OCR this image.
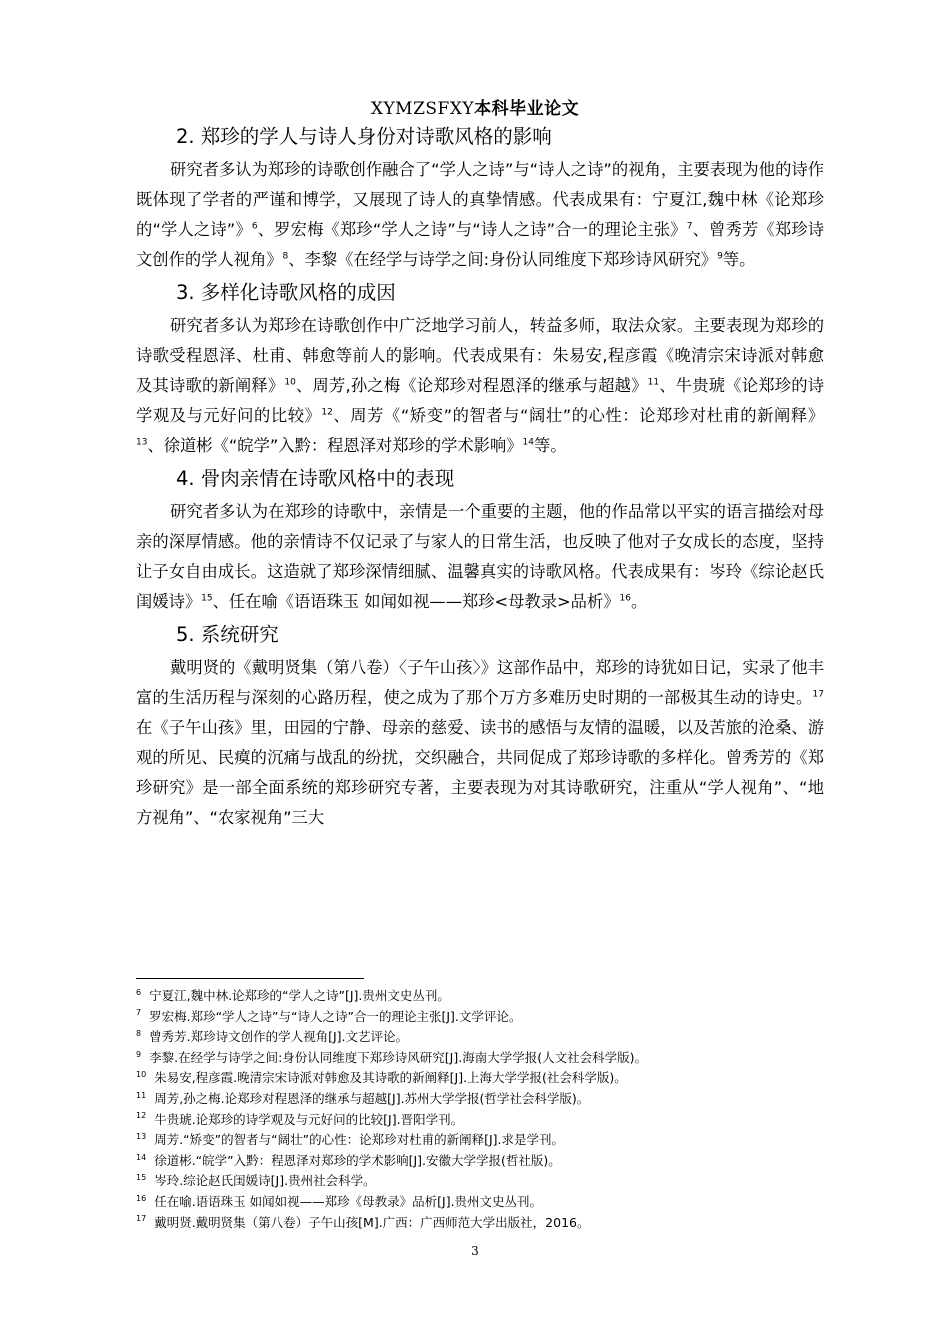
XYMZSFXY本科毕业论文
2. 郑珍的学人与诗人身份对诗歌风格的影响

研究者多认为郑珍的诗歌创作融合了“学人之诗”与“诗人之诗”的视角，主要表现为他的诗作既体现了学者的严谨和博学，又展现了诗人的真挚情感。代表成果有：宁夏江,魏中林《论郑珍的“学人之诗”》$^6$、罗宏梅《郑珍“学人之诗”与“诗人之诗”合一的理论主张》$^7$、曾秀芳《郑珍诗文创作的学人视角》$^8$、李黎《在经学与诗学之间:身份认同维度下郑珍诗风研究》$^9$等。

3. 多样化诗歌风格的成因

研究者多认为郑珍在诗歌创作中广泛地学习前人，转益多师，取法众家。主要表现为郑珍的诗歌受程恩泽、杜甫、韩愈等前人的影响。代表成果有：朱易安,程彦霞《晚清宗宋诗派对韩愈及其诗歌的新阐释》$^{10}$、周芳,孙之梅《论郑珍对程恩泽的继承与超越》$^{11}$、牛贵琥《论郑珍的诗学观及与元好问的比较》$^{12}$、周芳《“矫变”的智者与“阔壮”的心性：论郑珍对杜甫的新阐释》$^{13}$、徐道彬《“皖学”入黔：程恩泽对郑珍的学术影响》$^{14}$等。

4. 骨肉亲情在诗歌风格中的表现

研究者多认为在郑珍的诗歌中，亲情是一个重要的主题，他的作品常以平实的语言描绘对母亲的深厚情感。他的亲情诗不仅记录了与家人的日常生活，也反映了他对子女成长的态度，坚持让子女自由成长。这造就了郑珍深情细腻、温馨真实的诗歌风格。代表成果有：岑玲《综论赵氏闺媛诗》$^{15}$、任在喻《语语珠玉 如闻如视——郑珍<母教录>品析》$^{16}$。

5. 系统研究

戴明贤的《戴明贤集（第八卷）〈子午山孩〉》这部作品中，郑珍的诗犹如日记，实录了他丰富的生活历程与深刻的心路历程，使之成为了那个万方多难历史时期的一部极其生动的诗史。$^{17}$在《子午山孩》里，田园的宁静、母亲的慈爱、读书的感悟与友情的温暖，以及苦旅的沧桑、游观的所见、民瘼的沉痛与战乱的纷扰，交织融合，共同促成了郑珍诗歌的多样化。曾秀芳的《郑珍研究》是一部全面系统的郑珍研究专著，主要表现为对其诗歌研究，注重从“学人视角”、“地方视角”、“农家视角”三大

$^6$ 宁夏江,魏中林.论郑珍的“学人之诗”[J].贵州文史丛刊。
$^7$ 罗宏梅.郑珍“学人之诗”与“诗人之诗”合一的理论主张[J].文学评论。
$^8$ 曾秀芳.郑珍诗文创作的学人视角[J].文艺评论。
$^9$ 李黎.在经学与诗学之间:身份认同维度下郑珍诗风研究[J].海南大学学报(人文社会科学版)。
$^{10}$ 朱易安,程彦霞.晚清宗宋诗派对韩愈及其诗歌的新阐释[J].上海大学学报(社会科学版)。
$^{11}$ 周芳,孙之梅.论郑珍对程恩泽的继承与超越[J].苏州大学学报(哲学社会科学版)。
$^{12}$ 牛贵琥.论郑珍的诗学观及与元好问的比较[J].晋阳学刊。
$^{13}$ 周芳.“矫变”的智者与“阔壮”的心性：论郑珍对杜甫的新阐释[J].求是学刊。
$^{14}$ 徐道彬.“皖学”入黔：程恩泽对郑珍的学术影响[J].安徽大学学报(哲社版)。
$^{15}$ 岑玲.综论赵氏闺媛诗[J].贵州社会科学。
$^{16}$ 任在喻.语语珠玉 如闻如视——郑珍《母教录》品析[J].贵州文史丛刊。
$^{17}$ 戴明贤.戴明贤集（第八卷）子午山孩[M].广西：广西师范大学出版社，2016。
3
